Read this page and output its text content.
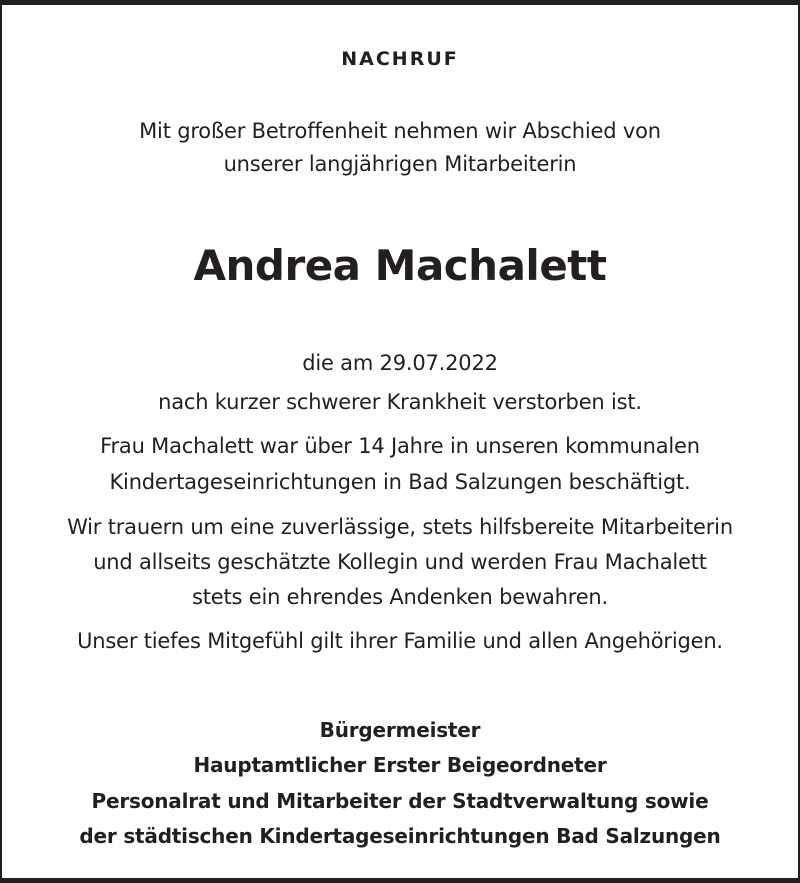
NACHRUF

Mit großer Betroffenheit nehmen wir Abschied von

unserer langjährigen Mitarbeiterin

Andrea Machalett

die am 29.07.2022

nach kurzer schwerer Krankheit verstorben ist.

Frau Machalett war über 14 Jahre in unseren kommunalen

Kindertageseinrichtungen in Bad Salzungen beschäftigt.

Wir trauern um eine zuverlässige, stets hilfsbereite Mitarbeiterin

und allseits geschätzte Kollegin und werden Frau Machalett

stets ein ehrendes Andenken bewahren.

Unser tiefes Mitgefühl gilt ihrer Familie und allen Angehörigen.

Bürgermeister

Hauptamtlicher Erster Beigeordneter

Personalrat und Mitarbeiter der Stadtverwaltung sowie

der städtischen Kindertageseinrichtungen Bad Salzungen
